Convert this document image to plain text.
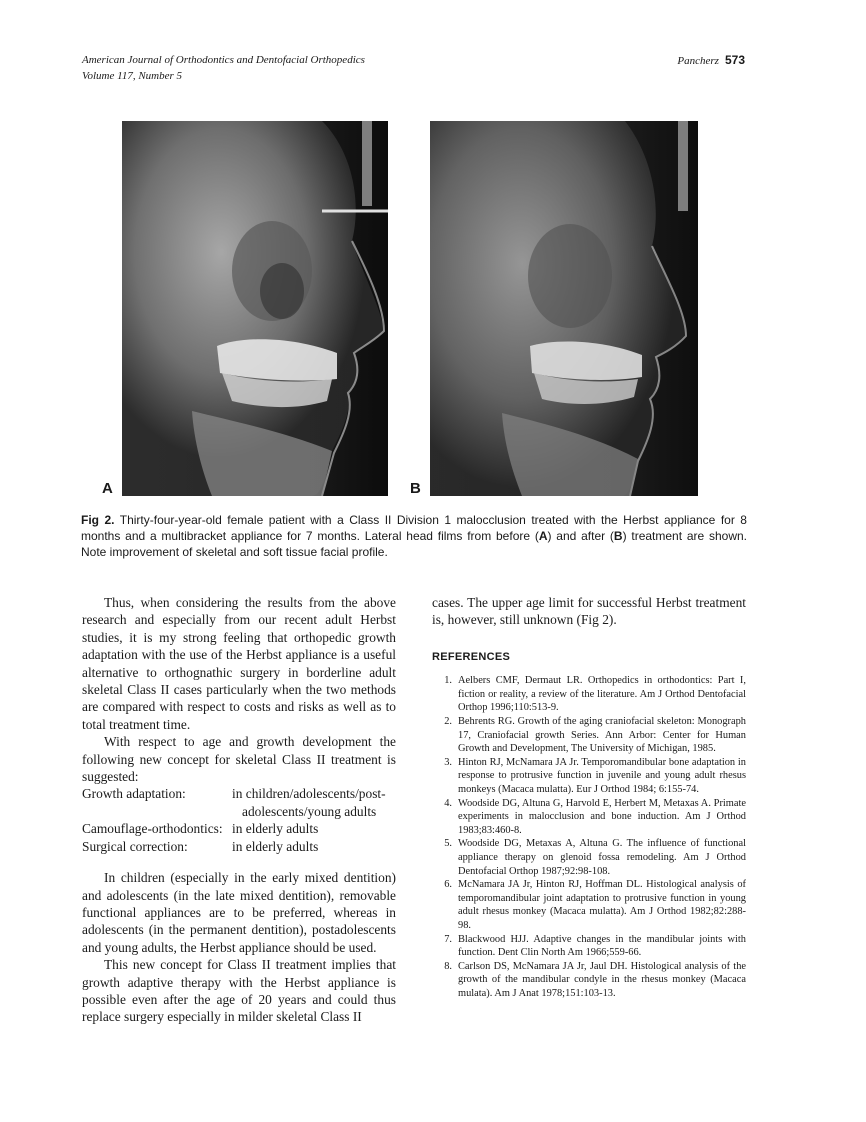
American Journal of Orthodontics and Dentofacial Orthopedics
Volume 117, Number 5
Pancherz 573
A	B
Fig 2. Thirty-four-year-old female patient with a Class II Division 1 malocclusion treated with the Herbst appliance for 8 months and a multibracket appliance for 7 months. Lateral head films from before (A) and after (B) treatment are shown. Note improvement of skeletal and soft tissue facial profile.

Thus, when considering the results from the above research and especially from our recent adult Herbst studies, it is my strong feeling that orthopedic growth adaptation with the use of the Herbst appliance is a useful alternative to orthognathic surgery in borderline adult skeletal Class II cases particularly when the two methods are compared with respect to costs and risks as well as to total treatment time.

With respect to age and growth development the following new concept for skeletal Class II treatment is suggested:

Growth adaptation:	in children/adolescents/post-
adolescents/young adults
Camouflage-orthodontics: in elderly adults
Surgical correction:	in elderly adults

In children (especially in the early mixed dentition) and adolescents (in the late mixed dentition), removable functional appliances are to be preferred, whereas in adolescents (in the permanent dentition), postadolescents and young adults, the Herbst appliance should be used.

This new concept for Class II treatment implies that growth adaptive therapy with the Herbst appliance is possible even after the age of 20 years and could thus replace surgery especially in milder skeletal Class II

cases. The upper age limit for successful Herbst treatment is, however, still unknown (Fig 2).

REFERENCES
1. Aelbers CMF, Dermaut LR. Orthopedics in orthodontics: Part I, fiction or reality, a review of the literature. Am J Orthod Dentofacial Orthop 1996;110:513-9.
2. Behrents RG. Growth of the aging craniofacial skeleton: Monograph 17, Craniofacial growth Series. Ann Arbor: Center for Human Growth and Development, The University of Michigan, 1985.
3. Hinton RJ, McNamara JA Jr. Temporomandibular bone adaptation in response to protrusive function in juvenile and young adult rhesus monkeys (Macaca mulatta). Eur J Orthod 1984; 6:155-74.
4. Woodside DG, Altuna G, Harvold E, Herbert M, Metaxas A. Primate experiments in malocclusion and bone induction. Am J Orthod 1983;83:460-8.
5. Woodside DG, Metaxas A, Altuna G. The influence of functional appliance therapy on glenoid fossa remodeling. Am J Orthod Dentofacial Orthop 1987;92:98-108.
6. McNamara JA Jr, Hinton RJ, Hoffman DL. Histological analysis of temporomandibular joint adaptation to protrusive function in young adult rhesus monkey (Macaca mulatta). Am J Orthod 1982;82:288-98.
7. Blackwood HJJ. Adaptive changes in the mandibular joints with function. Dent Clin North Am 1966;559-66.
8. Carlson DS, McNamara JA Jr, Jaul DH. Histological analysis of the growth of the mandibular condyle in the rhesus monkey (Macaca mulata). Am J Anat 1978;151:103-13.
